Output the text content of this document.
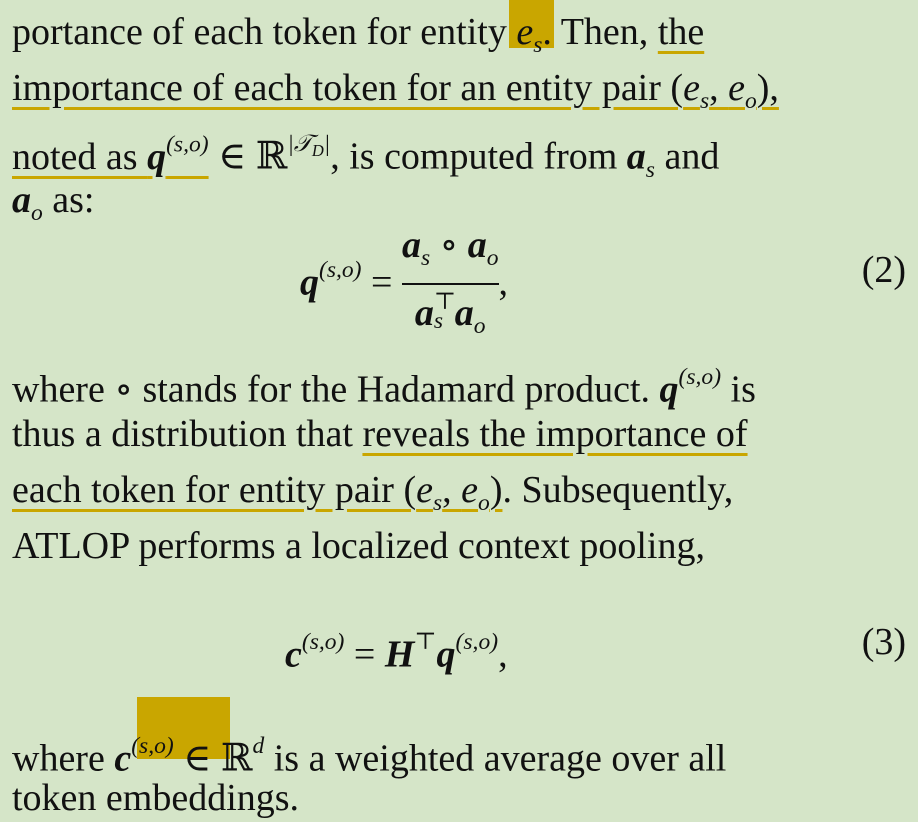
portance of each token for entity $e_s$. Then, the
importance of each token for an entity pair ($e_s$, $e_o$),
noted as $q^{(s,o)}$ ∈ ℝ$^{|𝒯_D|}$, is computed from $a_s$ and
$a_o$ as:
$q^{(s,o)} = a_s$ ∘ $a_o$
a ⊤
s $a_o$ ,	(2)
where ∘ stands for the Hadamard product. $q^{(s,o)}$ is
thus a distribution that reveals the importance of
each token for entity pair ($e_s$, $e_o$). Subsequently,
ATLOP performs a localized context pooling,
$c^{(s,o)} = H^⊤q^{(s,o)}$,	(3)
where $c^{(s,o)}$ ∈ ℝ$^d$ is a weighted average over all
token embeddings.
